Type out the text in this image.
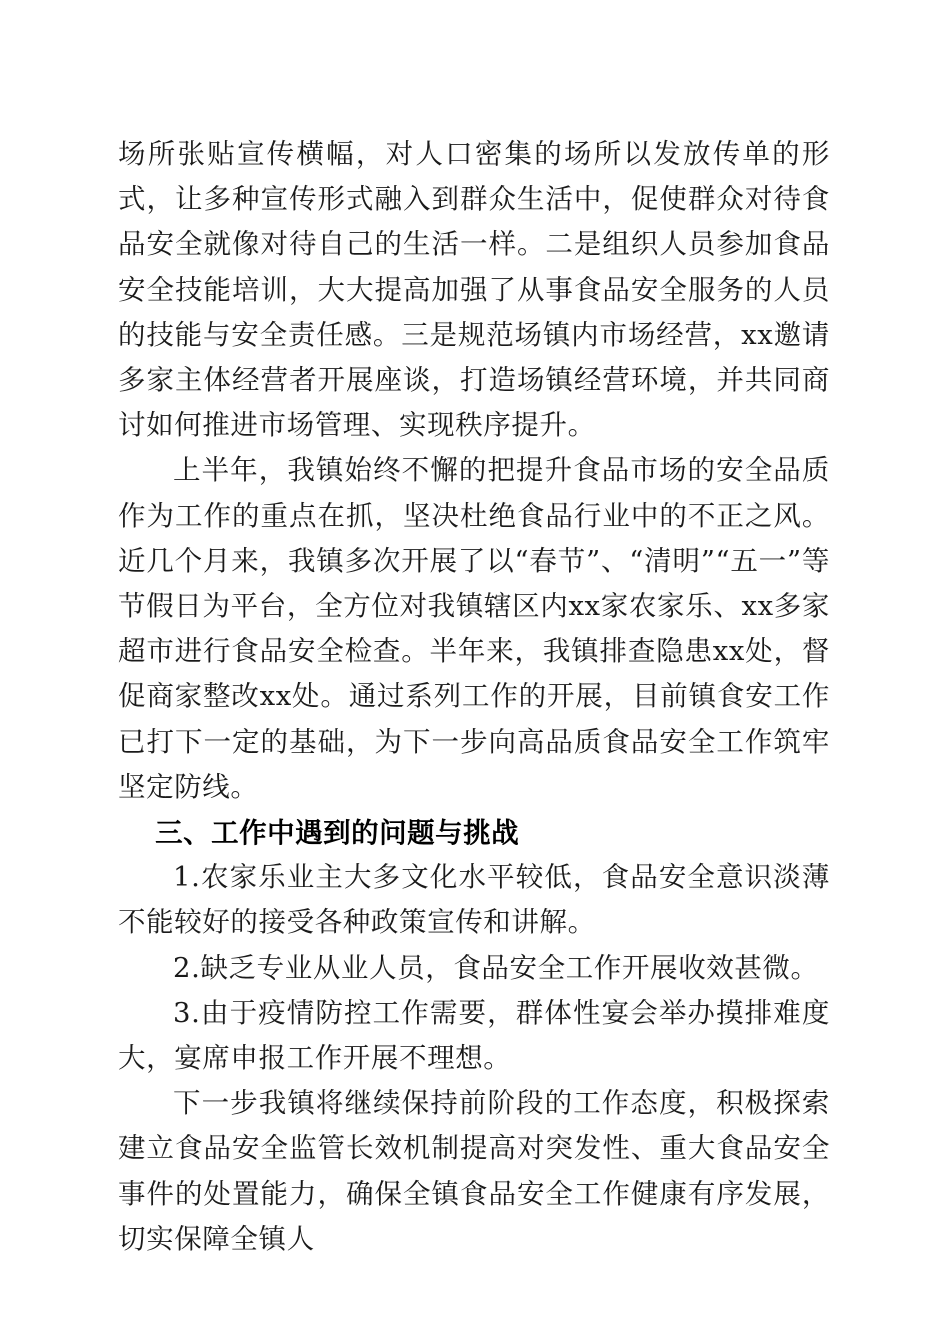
场所张贴宣传横幅，对人口密集的场所以发放传单的形式，让多种宣传形式融入到群众生活中，促使群众对待食品安全就像对待自己的生活一样。二是组织人员参加食品安全技能培训，大大提高加强了从事食品安全服务的人员的技能与安全责任感。三是规范场镇内市场经营，xx邀请多家主体经营者开展座谈，打造场镇经营环境，并共同商讨如何推进市场管理、实现秩序提升。

上半年，我镇始终不懈的把提升食品市场的安全品质作为工作的重点在抓，坚决杜绝食品行业中的不正之风。近几个月来，我镇多次开展了以“春节”、“清明”“五一”等节假日为平台，全方位对我镇辖区内xx家农家乐、xx多家超市进行食品安全检查。半年来，我镇排查隐患xx处，督促商家整改xx处。通过系列工作的开展，目前镇食安工作已打下一定的基础，为下一步向高品质食品安全工作筑牢坚定防线。

三、工作中遇到的问题与挑战

1.农家乐业主大多文化水平较低，食品安全意识淡薄不能较好的接受各种政策宣传和讲解。

2.缺乏专业从业人员，食品安全工作开展收效甚微。

3.由于疫情防控工作需要，群体性宴会举办摸排难度大，宴席申报工作开展不理想。

下一步我镇将继续保持前阶段的工作态度，积极探索建立食品安全监管长效机制提高对突发性、重大食品安全事件的处置能力，确保全镇食品安全工作健康有序发展，切实保障全镇人
